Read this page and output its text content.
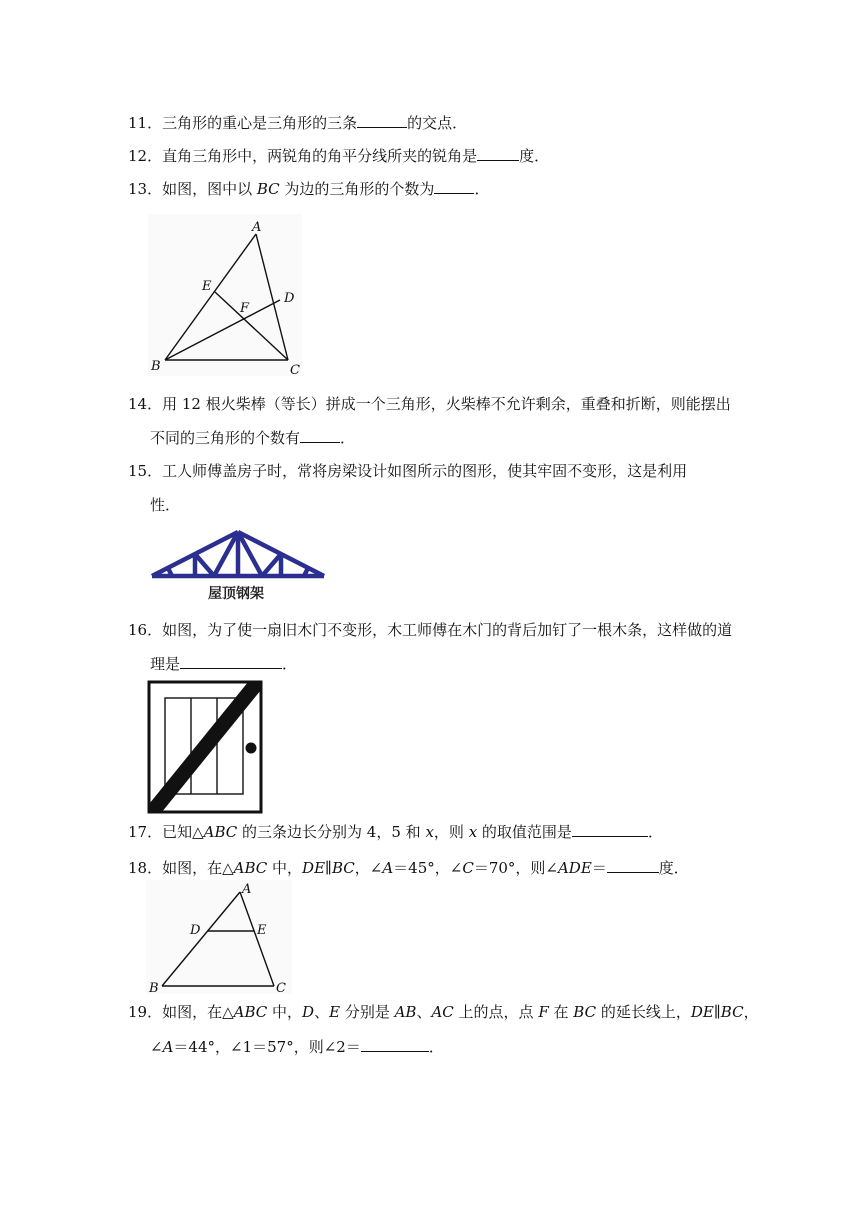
11．三角形的重心是三角形的三条	的交点．
12．直角三角形中，两锐角的角平分线所夹的锐角是	度．
13．如图，图中以 BC 为边的三角形的个数为	．
A
E
D
F
B	C
14．用 12 根火柴棒（等长）拼成一个三角形，火柴棒不允许剩余，重叠和折断，则能摆出
不同的三角形的个数有	．
15．工人师傅盖房子时，常将房梁设计如图所示的图形，使其牢固不变形，这是利用
性．
屋顶钢架
16．如图，为了使一扇旧木门不变形，木工师傅在木门的背后加钉了一根木条，这样做的道
理是	．
17．已知△ABC 的三条边长分别为 4，5 和 x，则 x 的取值范围是	．
18．如图，在△ABC 中，DE∥BC，∠A＝45°，∠C＝70°，则∠ADE＝	度．
A
D	E
B	C
19．如图，在△ABC 中，D、E 分别是 AB、AC 上的点，点 F 在 BC 的延长线上，DE∥BC，
∠A＝44°，∠1＝57°，则∠2＝	．
